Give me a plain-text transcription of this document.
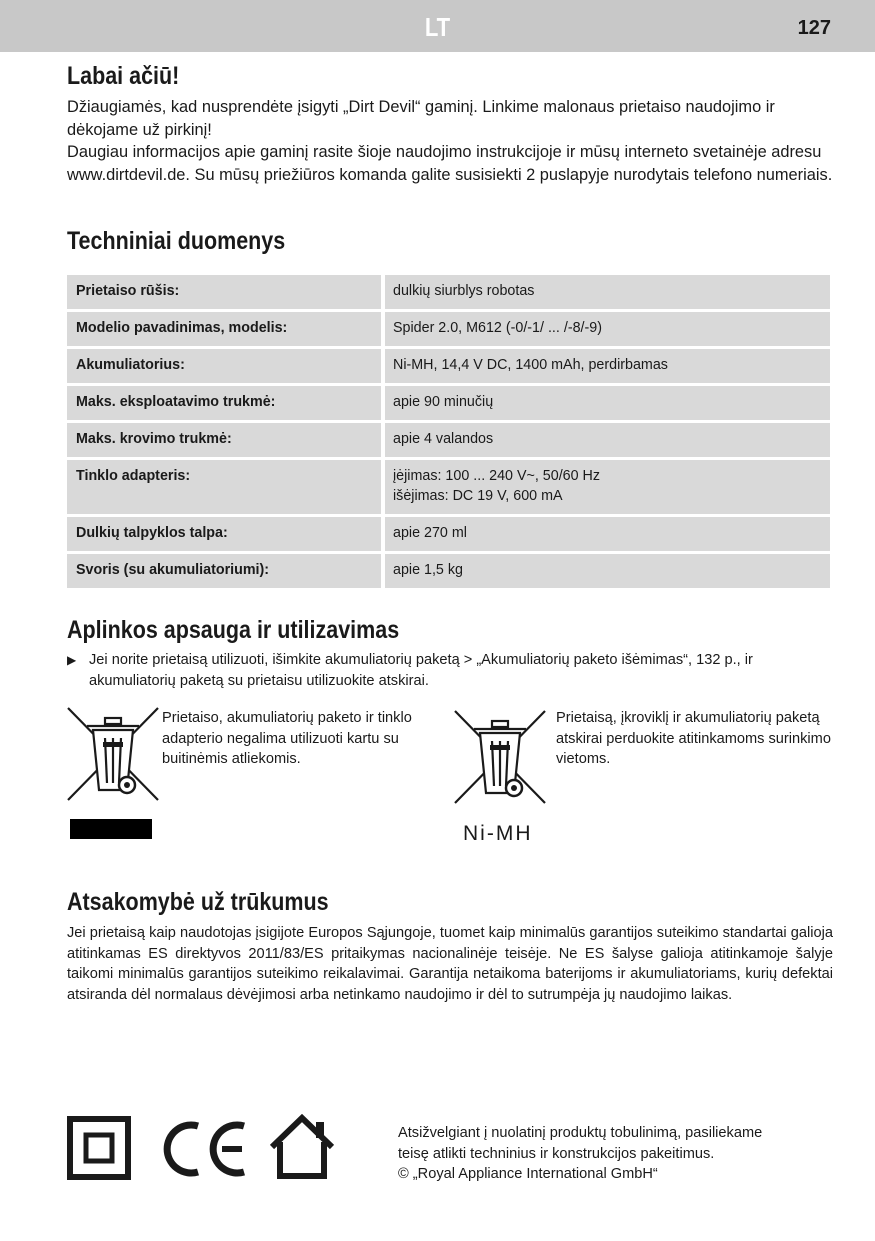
LT	127
Labai ačiū!

Džiaugiamės, kad nusprendėte įsigyti „Dirt Devil“ gaminį. Linkime malonaus prietaiso naudojimo ir dėkojame už pirkinį!

Daugiau informacijos apie gaminį rasite šioje naudojimo instrukcijoje ir mūsų interneto svetainėje adresu www.dirtdevil.de. Su mūsų priežiūros komanda galite susisiekti 2 puslapyje nurodytais telefono numeriais.

Techniniai duomenys
Prietaiso rūšis:	dulkių siurblys robotas

Modelio pavadinimas, modelis:	Spider 2.0, M612 (-0/-1/ ... /-8/-9)

Akumuliatorius:	Ni-MH, 14,4 V DC, 1400 mAh, perdirbamas

Maks. eksploatavimo trukmė:	apie 90 minučių

Maks. krovimo trukmė:	apie 4 valandos

Tinklo adapteris:	įėjimas: 100 ... 240 V~, 50/60 Hz
išėjimas: DC 19 V, 600 mA

Dulkių talpyklos talpa:	apie 270 ml

Svoris (su akumuliatoriumi):	apie 1,5 kg
Aplinkos apsauga ir utilizavimas
▶ Jei norite prietaisą utilizuoti, išimkite akumuliatorių paketą > „Akumuliatorių paketo išėmimas“, 132 p., ir akumuliatorių paketą su prietaisu utilizuokite atskirai.
Prietaiso, akumuliatorių paketo ir tinklo adapterio negalima utilizuoti kartu su buitinėmis atliekomis.
Prietaisą, įkroviklį ir akumuliatorių paketą atskirai perduokite atitinkamoms surinkimo vietoms.
Ni-MH
Atsakomybė už trūkumus

Jei prietaisą kaip naudotojas įsigijote Europos Sąjungoje, tuomet kaip minimalūs garantijos suteikimo standartai galioja atitinkamas ES direktyvos 2011/83/ES pritaikymas nacionalinėje teisėje. Ne ES šalyse galioja atitinkamoje šalyje taikomi minimalūs garantijos suteikimo reikalavimai. Garantija netaikoma baterijoms ir akumuliatoriams, kurių defektai atsiranda dėl normalaus dėvėjimosi arba netinkamo naudojimo ir dėl to sutrumpėja jų naudojimo laikas.

Atsižvelgiant į nuolatinį produktų tobulinimą, pasiliekame
teisę atlikti techninius ir konstrukcijos pakeitimus.
© „Royal Appliance International GmbH“
